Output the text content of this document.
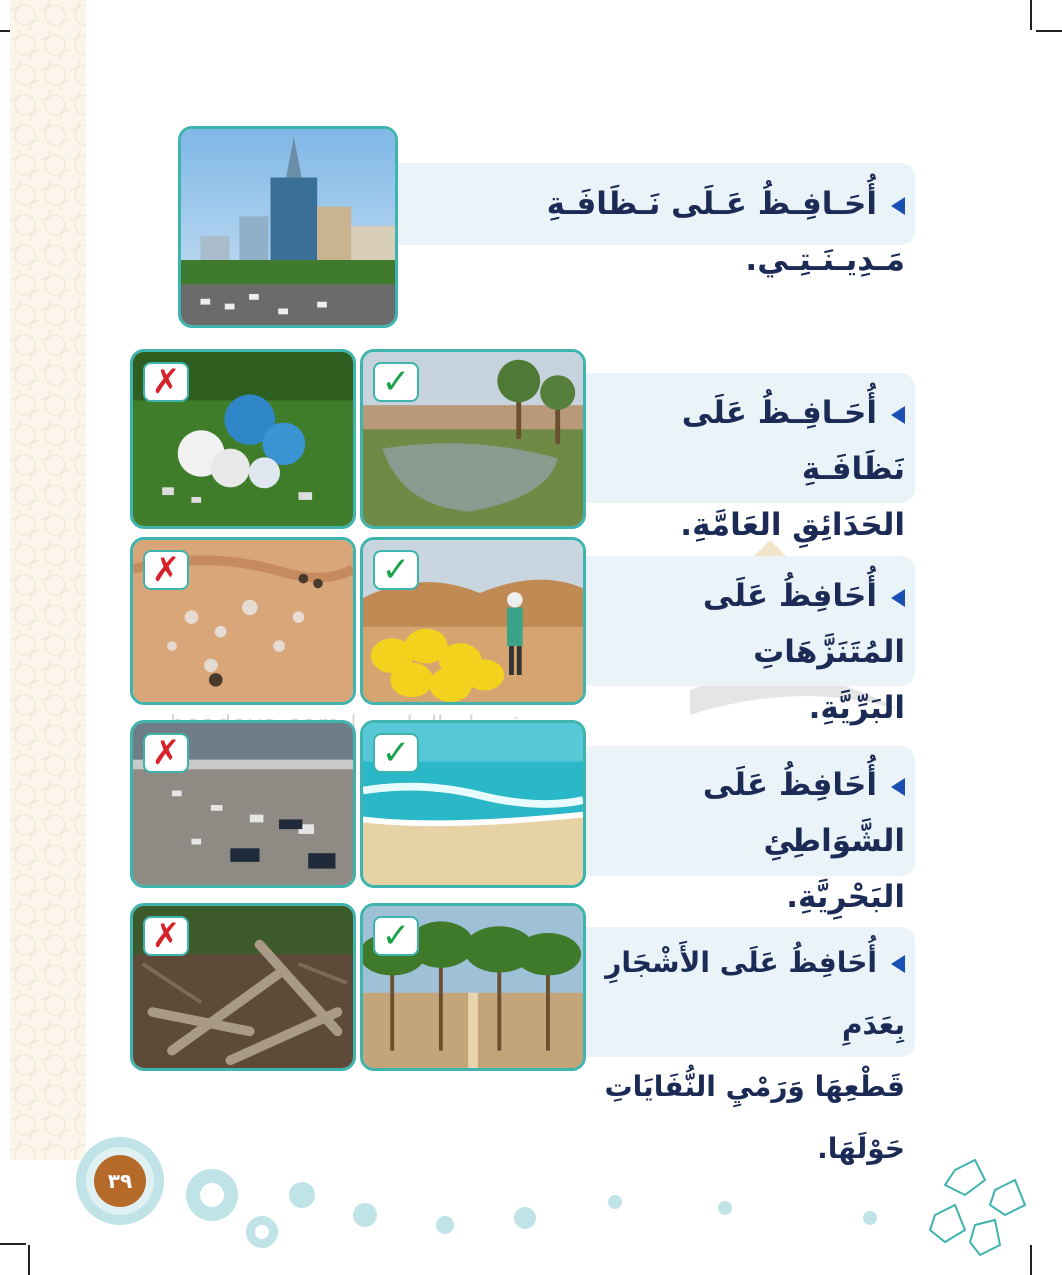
|
أُحَـافِـظُ عَـلَى نَـظَافَـةِ مَـدِيـنَـتِـي.
أُحَـافِـظُ عَلَى نَظَافَـةِ
الحَدَائِقِ العَامَّةِ.
✓
✗
أُحَافِظُ عَلَى المُتَنَزَّهَاتِ
البَرِّيَّةِ.
✓
✗
أُحَافِظُ عَلَى الشَّوَاطِئِ
البَحْرِيَّةِ.
✓
✗
أُحَافِظُ عَلَى الأَشْجَارِ بِعَدَمِ
قَطْعِهَا وَرَمْيِ النُّفَايَاتِ حَوْلَهَا.
✓
✗
٣٩
